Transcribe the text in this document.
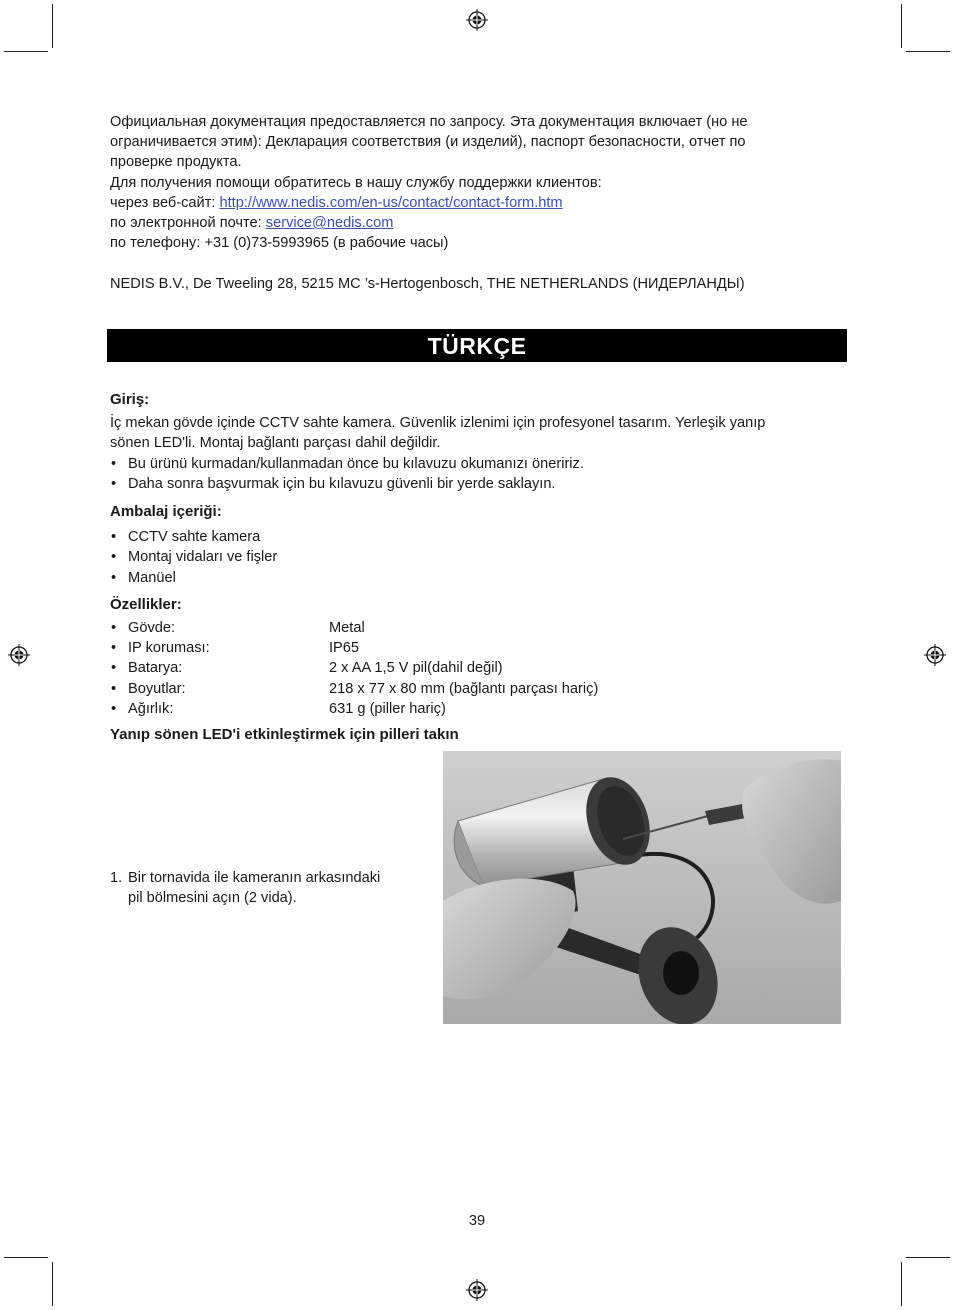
Официальная документация предоставляется по запросу. Эта документация включает (но не

ограничивается этим): Декларация соответствия (и изделий), паспорт безопасности, отчет по

проверке продукта.

Для получения помощи обратитесь в нашу службу поддержки клиентов:

через веб-сайт: http://www.nedis.com/en-us/contact/contact-form.htm

по электронной почте: service@nedis.com

по телефону: +31 (0)73-5993965 (в рабочие часы)

NEDIS B.V., De Tweeling 28, 5215 MC ’s-Hertogenbosch, THE NETHERLANDS (НИДЕРЛАНДЫ)

TÜRKÇE

Giriş:

İç mekan gövde içinde CCTV sahte kamera. Güvenlik izlenimi için profesyonel tasarım. Yerleşik yanıp

sönen LED'li. Montaj bağlantı parçası dahil değildir.

• Bu ürünü kurmadan/kullanmadan önce bu kılavuzu okumanızı öneririz.
• Daha sonra başvurmak için bu kılavuzu güvenli bir yerde saklayın.

Ambalaj içeriği:

• CCTV sahte kamera
• Montaj vidaları ve fişler
• Manüel

Özellikler:

• Gövde:	Metal
• IP koruması:	IP65
• Batarya:	2 x AA 1,5 V pil(dahil değil)
• Boyutlar:	218 x 77 x 80 mm (bağlantı parçası hariç)
• Ağırlık:	631 g (piller hariç)

Yanıp sönen LED'i etkinleştirmek için pilleri takın

1. Bir tornavida ile kameranın arkasındaki
pil bölmesini açın (2 vida).
39
